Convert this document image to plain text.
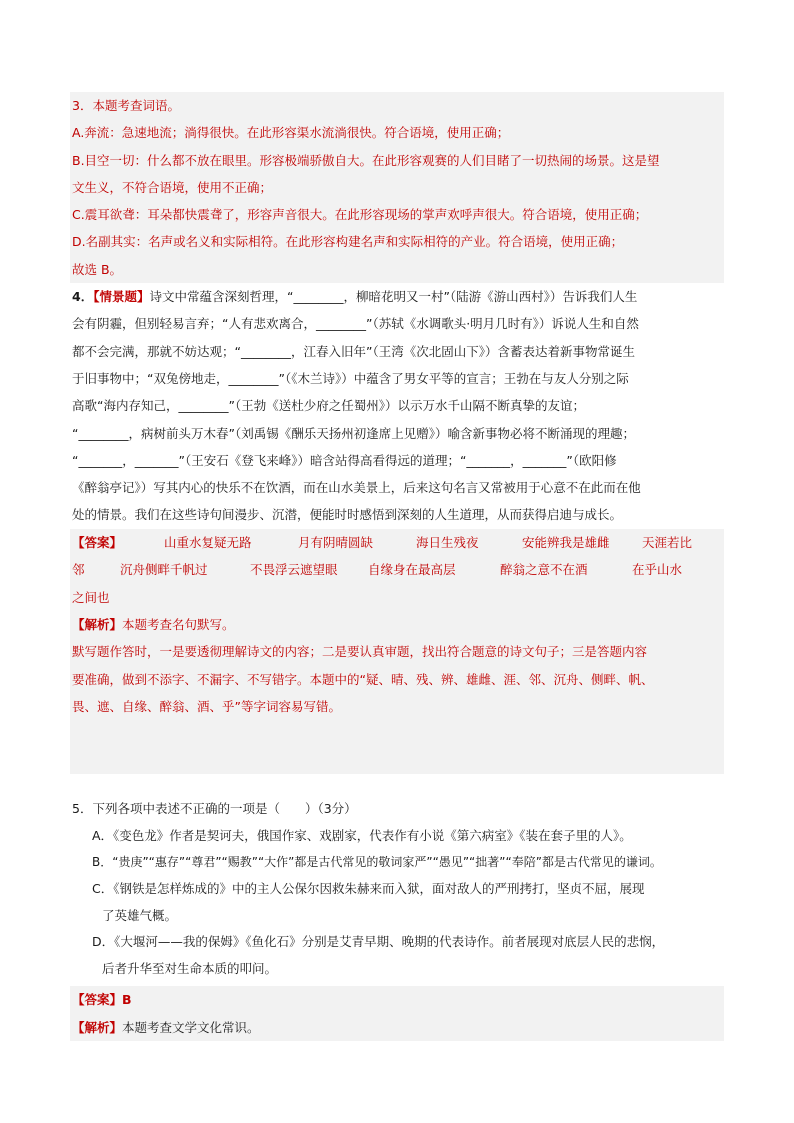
3．本题考查词语。
A.奔流：急速地流；淌得很快。在此形容渠水流淌很快。符合语境，使用正确；
B.目空一切：什么都不放在眼里。形容极端骄傲自大。在此形容观赛的人们目睹了一切热闹的场景。这是望
文生义，不符合语境，使用不正确；
C.震耳欲聋：耳朵都快震聋了，形容声音很大。在此形容现场的掌声欢呼声很大。符合语境，使用正确；
D.名副其实：名声或名义和实际相符。在此形容构建名声和实际相符的产业。符合语境，使用正确；
故选 B。
4．【情景题】诗文中常蕴含深刻哲理，“________，柳暗花明又一村”（陆游《游山西村》）告诉我们人生
会有阴霾，但别轻易言弃；“人有悲欢离合，________”（苏轼《水调歌头·明月几时有》）诉说人生和自然
都不会完满，那就不妨达观；“________，江春入旧年”（王湾《次北固山下》）含蓄表达着新事物常诞生
于旧事物中；“双兔傍地走，________”（《木兰诗》）中蕴含了男女平等的宣言；王勃在与友人分别之际
高歌“海内存知己，________”（王勃《送杜少府之任蜀州》）以示万水千山隔不断真挚的友谊；
“________，病树前头万木春”（刘禹锡《酬乐天扬州初逢席上见赠》）喻含新事物必将不断涌现的理趣；
“_______，_______”（王安石《登飞来峰》）暗含站得高看得远的道理；“_______，_______”（欧阳修
《醉翁亭记》）写其内心的快乐不在饮酒，而在山水美景上，后来这句名言又常被用于心意不在此而在他
处的情景。我们在这些诗句间漫步、沉潜，便能时时感悟到深刻的人生道理，从而获得启迪与成长。
【答案】	山重水复疑无路	月有阴晴圆缺	海日生残夜	安能辨我是雄雌	天涯若比
邻	沉舟侧畔千帆过	不畏浮云遮望眼	自缘身在最高层	醉翁之意不在酒	在乎山水
之间也
【解析】本题考查名句默写。
默写题作答时，一是要透彻理解诗文的内容；二是要认真审题，找出符合题意的诗文句子；三是答题内容
要准确，做到不添字、不漏字、不写错字。本题中的“疑、晴、残、辨、雄雌、涯、邻、沉舟、侧畔、帆、
畏、遮、自缘、醉翁、酒、乎”等字词容易写错。
5．下列各项中表述不正确的一项是（　　）（3分）
A．《变色龙》作者是契诃夫，俄国作家、戏剧家，代表作有小说《第六病室》《装在套子里的人》。
B．“贵庚”“惠存”“尊君”“赐教”“大作”都是古代常见的敬词家严”“愚见”“拙著”“奉陪”都是古代常见的谦词。
C．《钢铁是怎样炼成的》中的主人公保尔因救朱赫来而入狱，面对敌人的严刑拷打，坚贞不屈，展现
了英雄气概。
D．《大堰河——我的保姆》《鱼化石》分别是艾青早期、晚期的代表诗作。前者展现对底层人民的悲悯，
后者升华至对生命本质的叩问。
【答案】B
【解析】本题考查文学文化常识。
